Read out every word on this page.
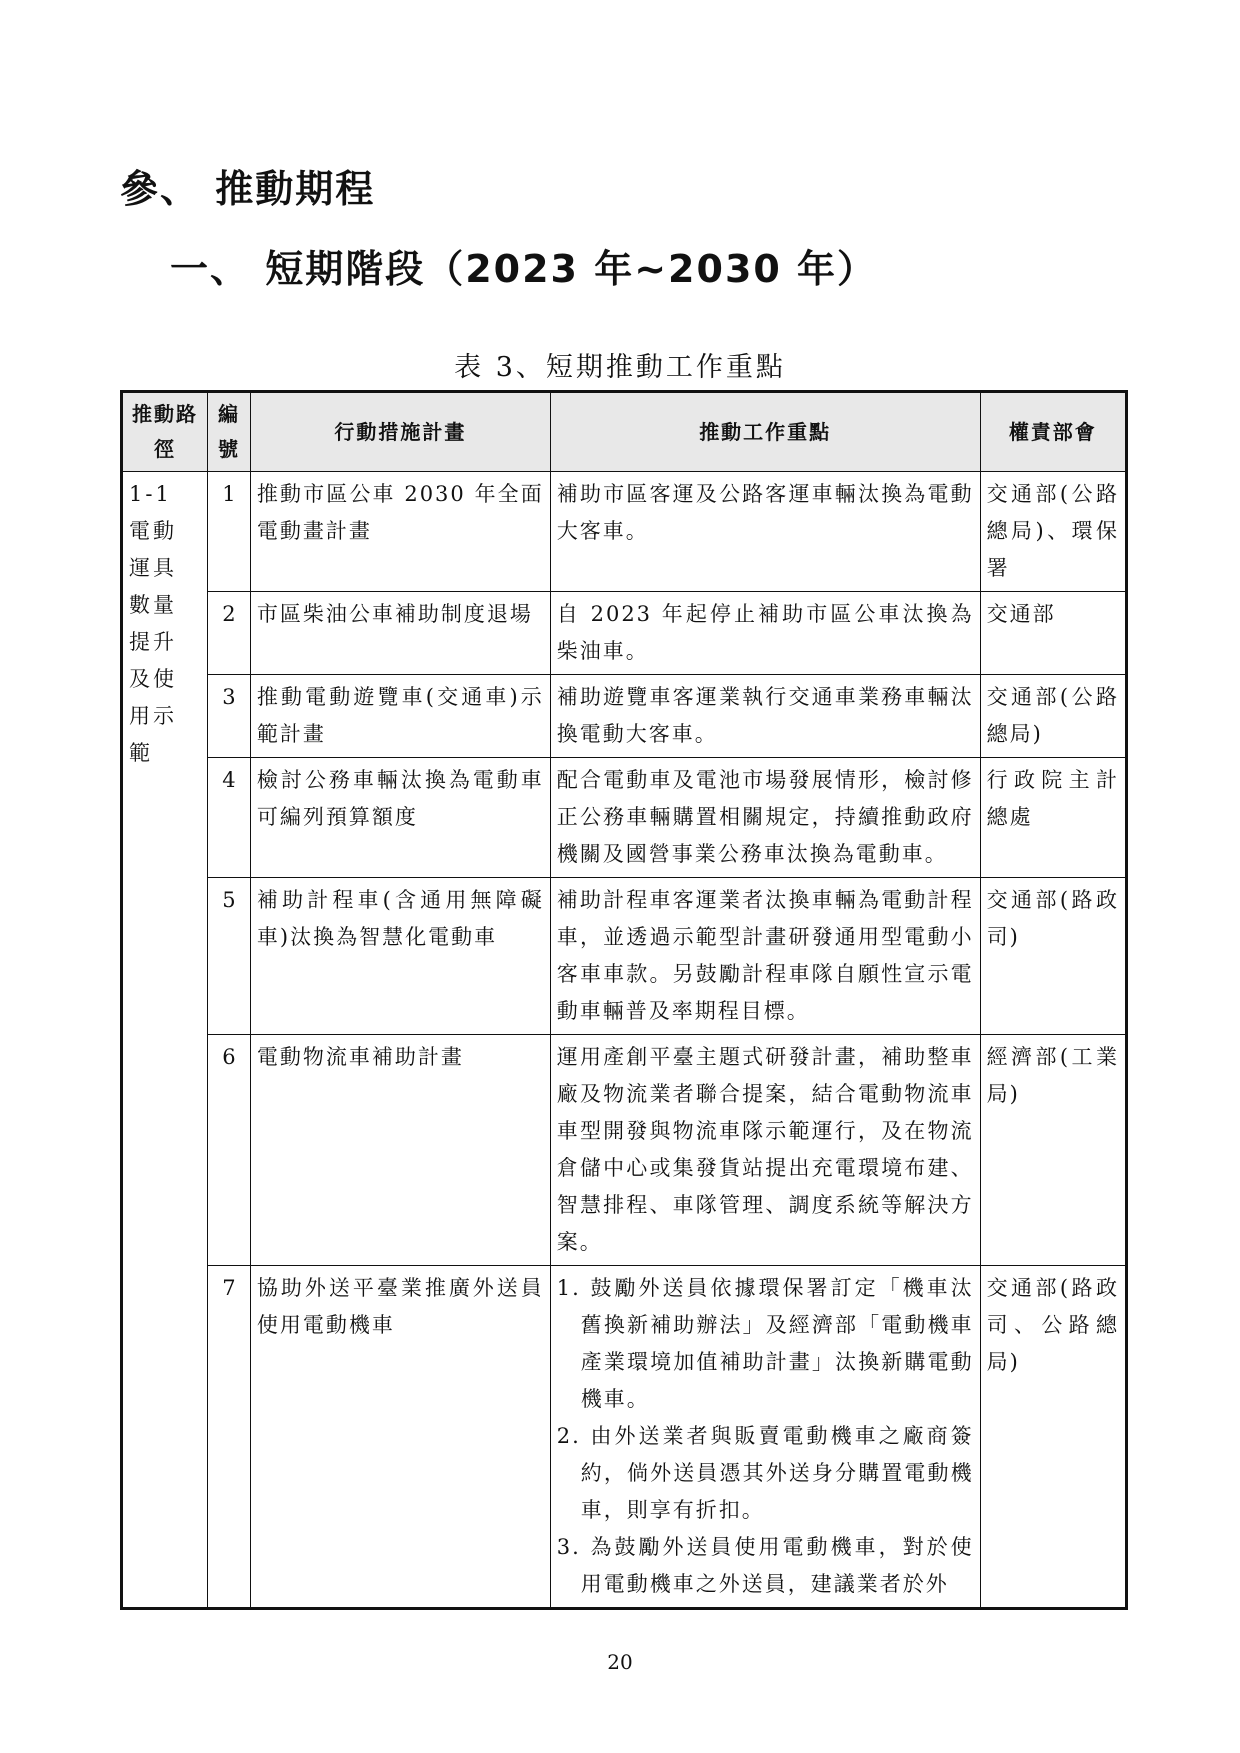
參、 推動期程
一、 短期階段（2023 年~2030 年）
表 3、短期推動工作重點
推動路徑	編號	行動措施計畫	推動工作重點	權責部會
1-1 電動運具數量提升及使用示範	1	推動市區公車 2030 年全面電動畫計畫	補助市區客運及公路客運車輛汰換為電動大客車。	交通部(公路總局)、環保署
	2	市區柴油公車補助制度退場	自 2023 年起停止補助市區公車汰換為柴油車。	交通部
	3	推動電動遊覽車(交通車)示範計畫	補助遊覽車客運業執行交通車業務車輛汰換電動大客車。	交通部(公路總局)
	4	檢討公務車輛汰換為電動車可編列預算額度	配合電動車及電池市場發展情形，檢討修正公務車輛購置相關規定，持續推動政府機關及國營事業公務車汰換為電動車。	行政院主計總處
	5	補助計程車(含通用無障礙車)汰換為智慧化電動車	補助計程車客運業者汰換車輛為電動計程車，並透過示範型計畫研發通用型電動小客車車款。另鼓勵計程車隊自願性宣示電動車輛普及率期程目標。	交通部(路政司)
	6	電動物流車補助計畫	運用產創平臺主題式研發計畫，補助整車廠及物流業者聯合提案，結合電動物流車車型開發與物流車隊示範運行，及在物流倉儲中心或集發貨站提出充電環境布建、智慧排程、車隊管理、調度系統等解決方案。	經濟部(工業局)
	7	協助外送平臺業推廣外送員使用電動機車	1. 鼓勵外送員依據環保署訂定「機車汰舊換新補助辦法」及經濟部「電動機車產業環境加值補助計畫」汰換新購電動機車。
2. 由外送業者與販賣電動機車之廠商簽約，倘外送員憑其外送身分購置電動機車，則享有折扣。
3. 為鼓勵外送員使用電動機車，對於使用電動機車之外送員，建議業者於外	交通部(路政司、公路總局)
20
